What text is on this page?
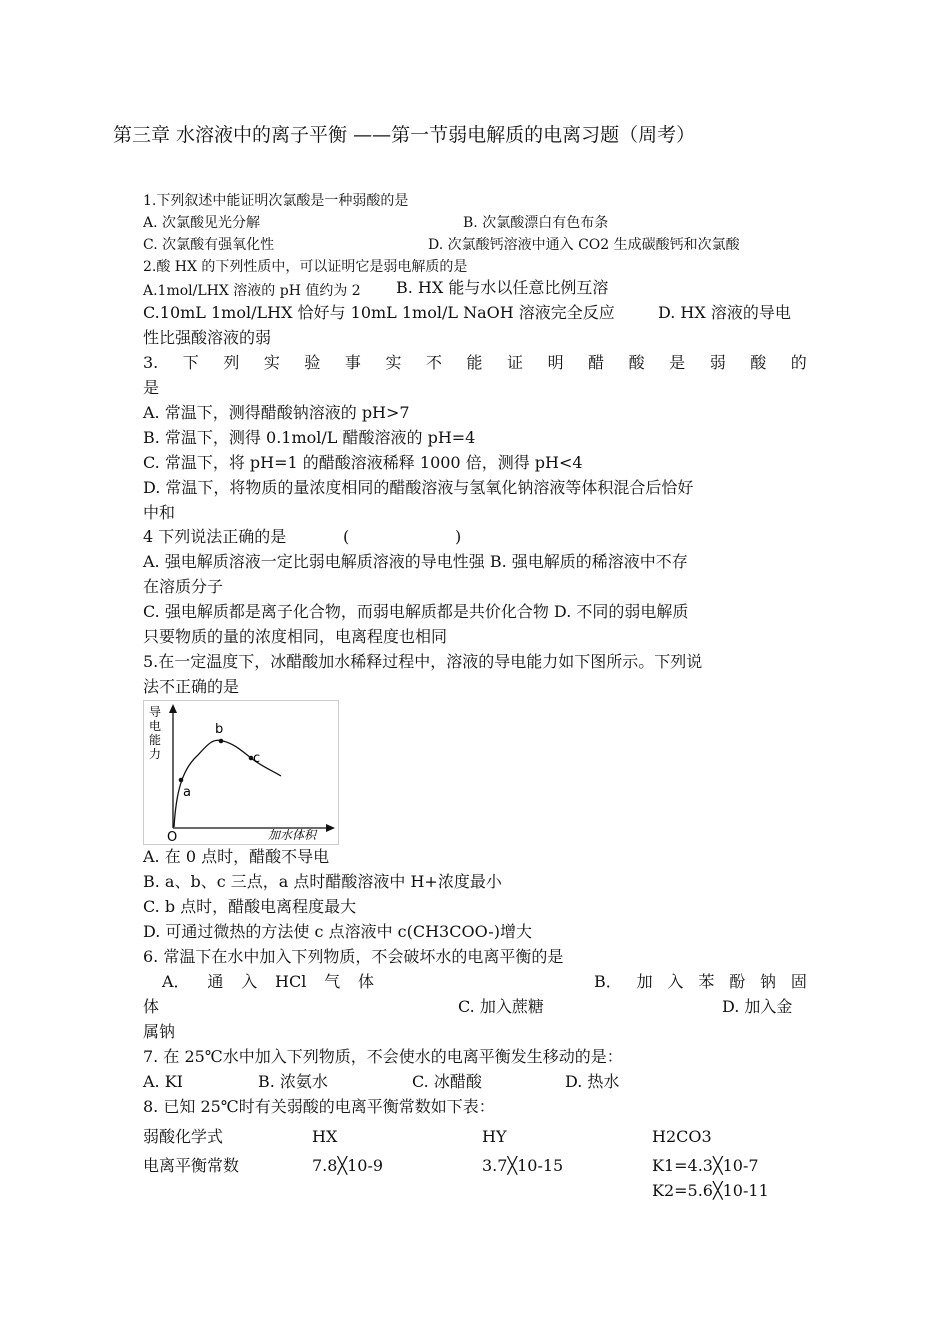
第三章 水溶液中的离子平衡 ——第一节弱电解质的电离习题（周考）
1.下列叙述中能证明次氯酸是一种弱酸的是
A. 次氯酸见光分解	B. 次氯酸漂白有色布条
C. 次氯酸有强氧化性	D. 次氯酸钙溶液中通入 CO2 生成碳酸钙和次氯酸
2.酸 HX 的下列性质中，可以证明它是弱电解质的是
A.1mol/LHX 溶液的 pH 值约为 2 B. HX 能与水以任意比例互溶
C.10mL 1mol/LHX 恰好与 10mL 1mol/L NaOH 溶液完全反应	D. HX 溶液的导电
性比强酸溶液的弱
3. 下 列 实 验 事 实 不 能 证 明 醋 酸 是 弱 酸 的
是
A. 常温下，测得醋酸钠溶液的 pH>7
B. 常温下，测得 0.1mol/L 醋酸溶液的 pH=4
C. 常温下，将 pH=1 的醋酸溶液稀释 1000 倍，测得 pH<4
D. 常温下，将物质的量浓度相同的醋酸溶液与氢氧化钠溶液等体积混合后恰好
中和
4 下列说法正确的是	(	)
A. 强电解质溶液一定比弱电解质溶液的导电性强 B. 强电解质的稀溶液中不存
在溶质分子
C. 强电解质都是离子化合物，而弱电解质都是共价化合物 D. 不同的弱电解质
只要物质的量的浓度相同，电离程度也相同
5.在一定温度下，冰醋酸加水稀释过程中，溶液的导电能力如下图所示。下列说
法不正确的是
a
b
c
导
电
能
力
O	加水体积
A. 在 0 点时，醋酸不导电
B. a、b、c 三点，a 点时醋酸溶液中 H+浓度最小
C. b 点时，醋酸电离程度最大
D. 可通过微热的方法使 c 点溶液中 c(CH3COO-)增大
6. 常温下在水中加入下列物质，不会破坏水的电离平衡的是
A． 通 入 HCl 气 体	B． 加 入 苯 酚 钠 固
体	C. 加入蔗糖	D. 加入金
属钠
7. 在 25℃水中加入下列物质，不会使水的电离平衡发生移动的是：
A. KI	B. 浓氨水	C. 冰醋酸	D. 热水
8. 已知 25℃时有关弱酸的电离平衡常数如下表：
弱酸化学式	HX	HY	H2CO3
电离平衡常数	7.8╳10-9	3.7╳10-15	K1=4.3╳10-7
K2=5.6╳10-11
